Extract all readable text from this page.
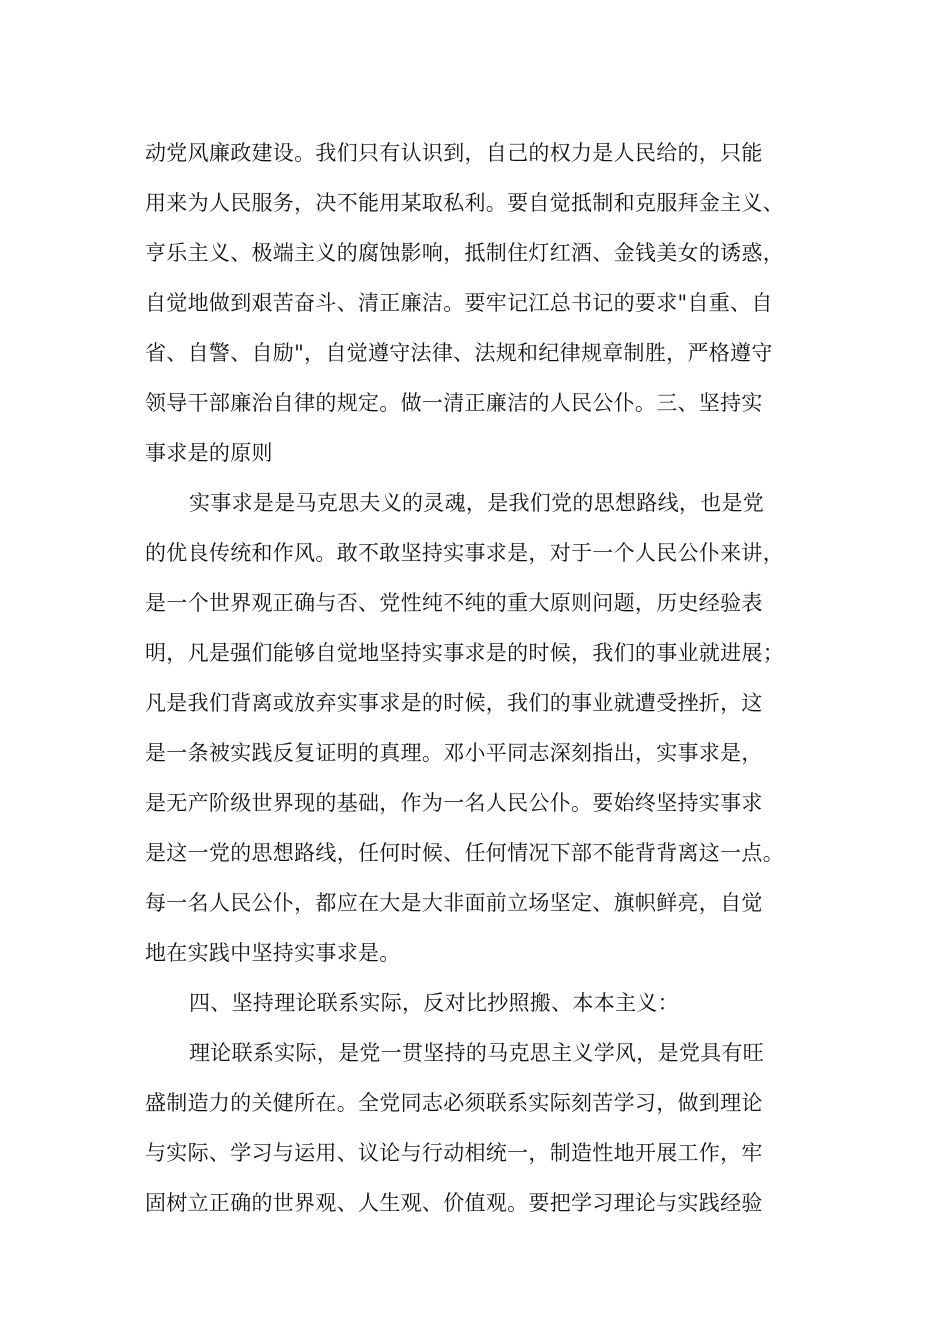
动党风廉政建设。我们只有认识到，自己的权力是人民给的，只能
用来为人民服务，决不能用某取私利。要自觉抵制和克服拜金主义、
亨乐主义、极端主义的腐蚀影响，抵制住灯红酒、金钱美女的诱惑，
自觉地做到艰苦奋斗、清正廉洁。要牢记江总书记的要求"自重、自
省、自警、自励"，自觉遵守法律、法规和纪律规章制胜，严格遵守
领导干部廉治自律的规定。做一清正廉洁的人民公仆。三、坚持实
事求是的原则
实事求是是马克思夫义的灵魂，是我们党的思想路线，也是党
的优良传统和作风。敢不敢坚持实事求是，对于一个人民公仆来讲，
是一个世界观正确与否、党性纯不纯的重大原则问题，历史经验表
明，凡是强们能够自觉地坚持实事求是的时候，我们的事业就进展；
凡是我们背离或放弃实事求是的时候，我们的事业就遭受挫折，这
是一条被实践反复证明的真理。邓小平同志深刻指出，实事求是，
是无产阶级世界现的基础，作为一名人民公仆。要始终坚持实事求
是这一党的思想路线，任何时候、任何情况下部不能背背离这一点。
每一名人民公仆，都应在大是大非面前立场坚定、旗帜鲜亮，自觉
地在实践中坚持实事求是。
四、坚持理论联系实际，反对比抄照搬、本本主义：
理论联系实际，是党一贯坚持的马克思主义学风，是党具有旺
盛制造力的关健所在。全党同志必须联系实际刻苦学习，做到理论
与实际、学习与运用、议论与行动相统一，制造性地开展工作，牢
固树立正确的世界观、人生观、价值观。要把学习理论与实践经验
